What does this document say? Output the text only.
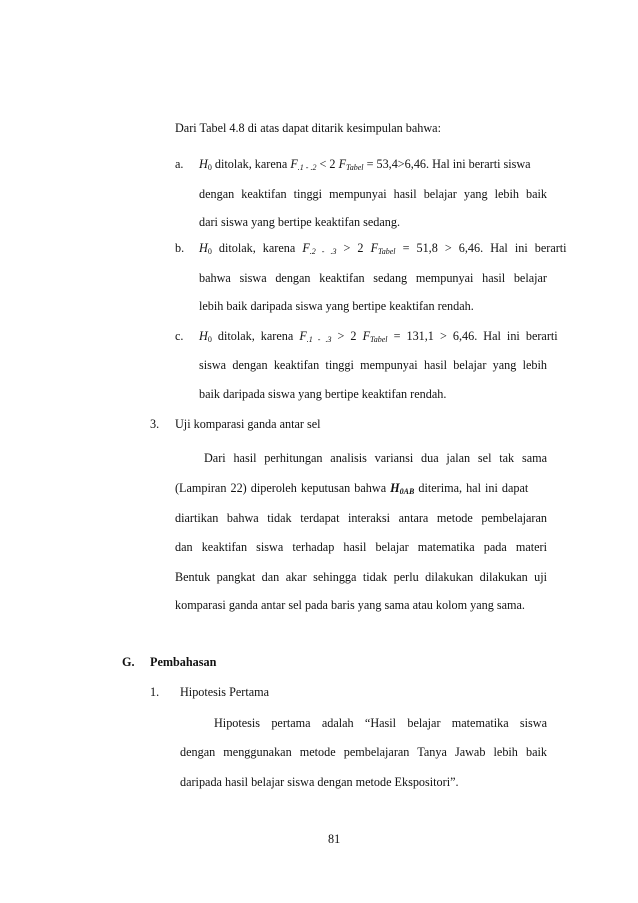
Dari Tabel 4.8 di atas dapat ditarik kesimpulan bahwa:
a. $H_0$ ditolak, karena $F_{.1 - .2} < 2$ $F_{Tabel} = 53,4>6,46$. Hal ini berarti siswa
dengan keaktifan tinggi mempunyai hasil belajar yang lebih baik
dari siswa yang bertipe keaktifan sedang.
b. $H_0$ ditolak, karena $F_{.2 - .3} > 2$ $F_{Tabel} = 51,8 > 6,46$. Hal ini berarti
bahwa siswa dengan keaktifan sedang mempunyai hasil belajar
lebih baik daripada siswa yang bertipe keaktifan rendah.
c. $H_0$ ditolak, karena $F_{.1 - .3} > 2$ $F_{Tabel} = 131,1 > 6,46$. Hal ini berarti
siswa dengan keaktifan tinggi mempunyai hasil belajar yang lebih
baik daripada siswa yang bertipe keaktifan rendah.
3. Uji komparasi ganda antar sel
Dari hasil perhitungan analisis variansi dua jalan sel tak sama
(Lampiran 22) diperoleh keputusan bahwa $H_{0AB}$ diterima, hal ini dapat
diartikan bahwa tidak terdapat interaksi antara metode pembelajaran
dan keaktifan siswa terhadap hasil belajar matematika pada materi
Bentuk pangkat dan akar sehingga tidak perlu dilakukan dilakukan uji
komparasi ganda antar sel pada baris yang sama atau kolom yang sama.
G. Pembahasan
1. Hipotesis Pertama
Hipotesis pertama adalah “Hasil belajar matematika siswa
dengan menggunakan metode pembelajaran Tanya Jawab lebih baik
daripada hasil belajar siswa dengan metode Ekspositori”.
81
